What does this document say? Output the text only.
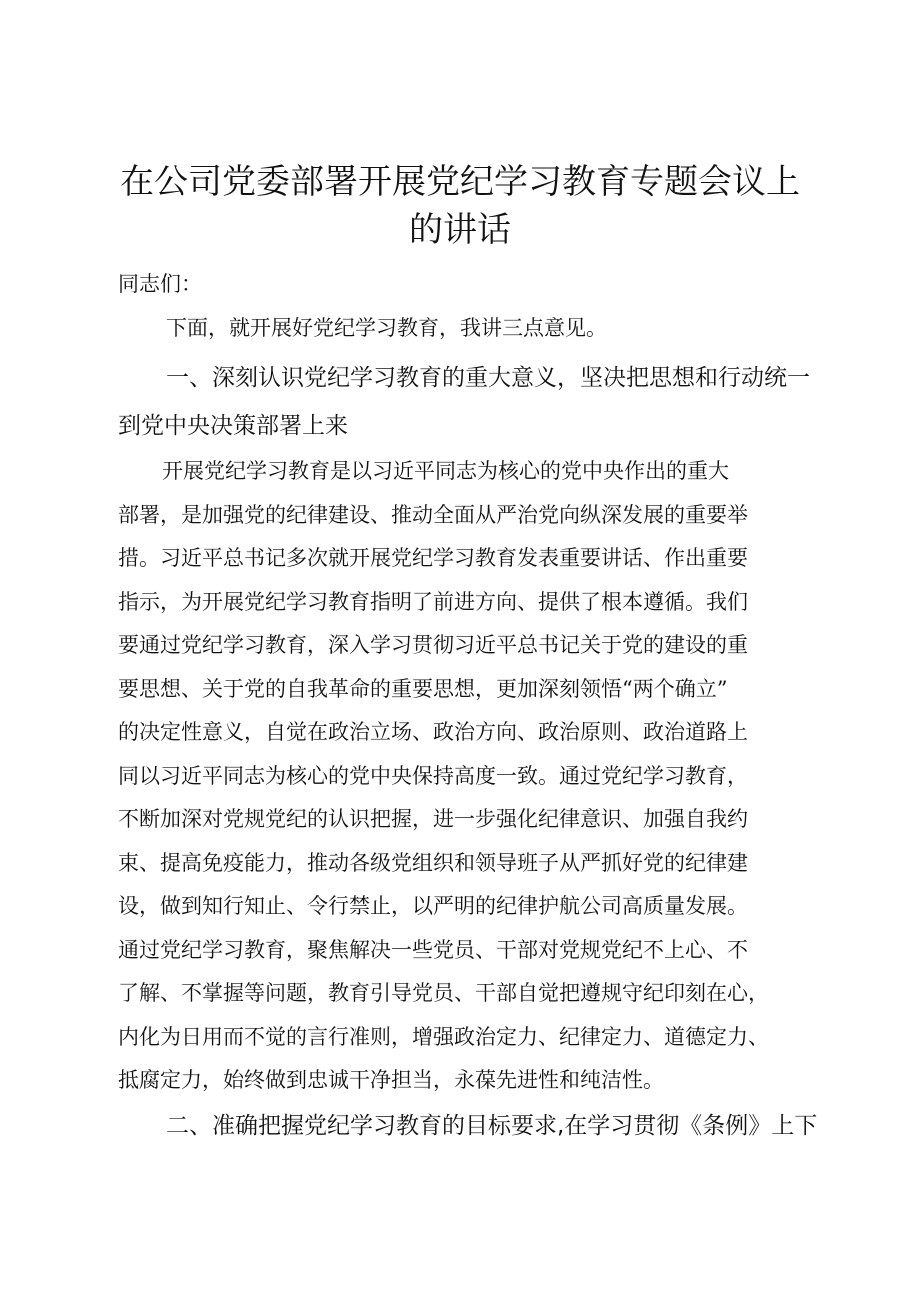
在公司党委部署开展党纪学习教育专题会议上
的讲话
同志们：
下面，就开展好党纪学习教育，我讲三点意见。
一、深刻认识党纪学习教育的重大意义，坚决把思想和行动统一
到党中央决策部署上来
开展党纪学习教育是以习近平同志为核心的党中央作出的重大
部署，是加强党的纪律建设、推动全面从严治党向纵深发展的重要举
措。习近平总书记多次就开展党纪学习教育发表重要讲话、作出重要
指示，为开展党纪学习教育指明了前进方向、提供了根本遵循。我们
要通过党纪学习教育，深入学习贯彻习近平总书记关于党的建设的重
要思想、关于党的自我革命的重要思想，更加深刻领悟“两个确立”
的决定性意义，自觉在政治立场、政治方向、政治原则、政治道路上
同以习近平同志为核心的党中央保持高度一致。通过党纪学习教育，
不断加深对党规党纪的认识把握，进一步强化纪律意识、加强自我约
束、提高免疫能力，推动各级党组织和领导班子从严抓好党的纪律建
设，做到知行知止、令行禁止，以严明的纪律护航公司高质量发展。
通过党纪学习教育，聚焦解决一些党员、干部对党规党纪不上心、不
了解、不掌握等问题，教育引导党员、干部自觉把遵规守纪印刻在心，
内化为日用而不觉的言行准则，增强政治定力、纪律定力、道德定力、
抵腐定力，始终做到忠诚干净担当，永葆先进性和纯洁性。
二、准确把握党纪学习教育的目标要求,在学习贯彻《条例》上下
